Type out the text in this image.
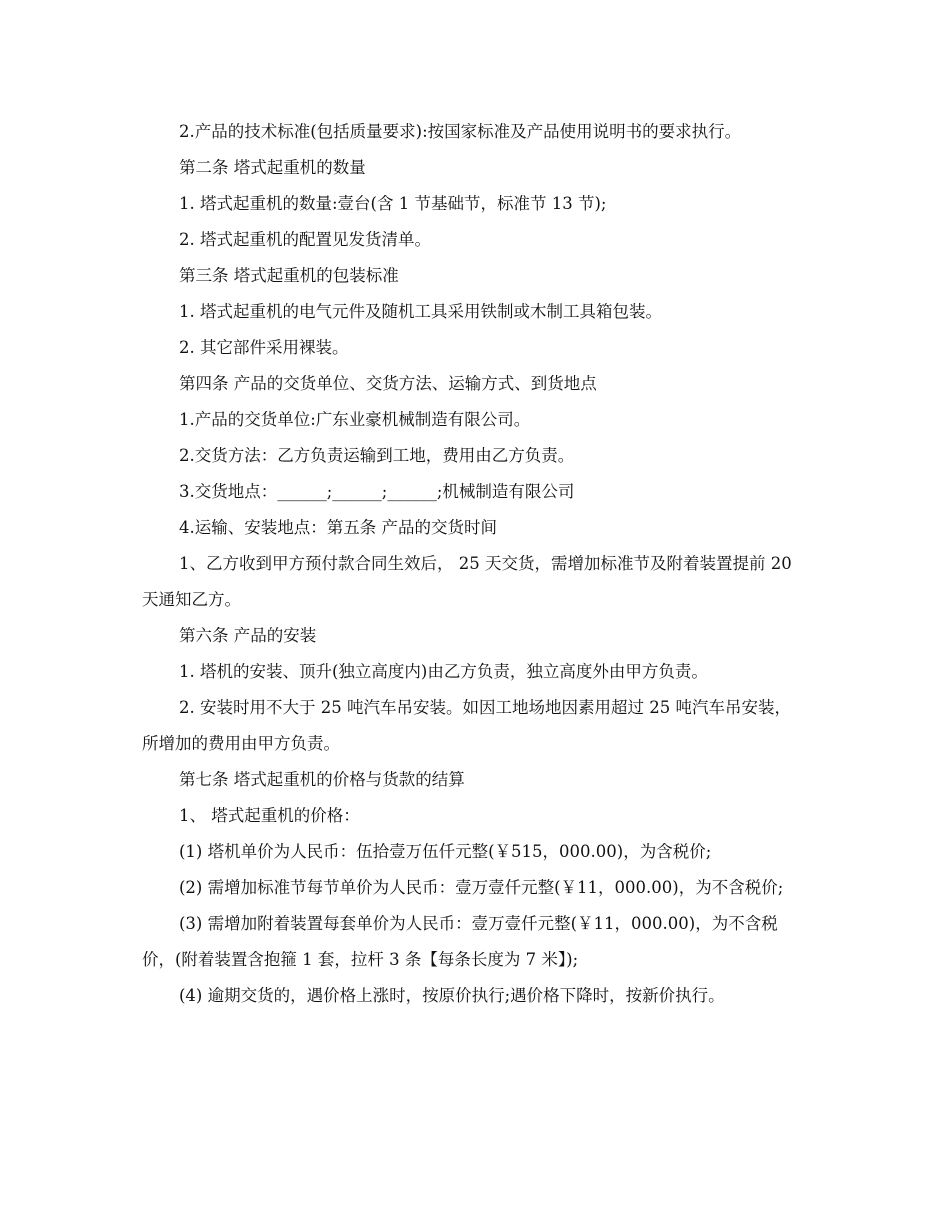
2.产品的技术标准(包括质量要求):按国家标准及产品使用说明书的要求执行。

第二条 塔式起重机的数量

1. 塔式起重机的数量:壹台(含 1 节基础节，标准节 13 节);

2. 塔式起重机的配置见发货清单。

第三条 塔式起重机的包装标准

1. 塔式起重机的电气元件及随机工具采用铁制或木制工具箱包装。

2. 其它部件采用裸装。

第四条 产品的交货单位、交货方法、运输方式、到货地点

1.产品的交货单位:广东业豪机械制造有限公司。

2.交货方法：乙方负责运输到工地，费用由乙方负责。

3.交货地点：______;______;______;机械制造有限公司

4.运输、安装地点：第五条 产品的交货时间

1、乙方收到甲方预付款合同生效后， 25 天交货，需增加标准节及附着装置提前 20 天通知乙方。

第六条 产品的安装

1. 塔机的安装、顶升(独立高度内)由乙方负责，独立高度外由甲方负责。

2. 安装时用不大于 25 吨汽车吊安装。如因工地场地因素用超过 25 吨汽车吊安装，所增加的费用由甲方负责。

第七条 塔式起重机的价格与货款的结算

1、 塔式起重机的价格：

(1) 塔机单价为人民币：伍拾壹万伍仟元整(￥515，000.00)，为含税价;

(2) 需增加标准节每节单价为人民币：壹万壹仟元整(￥11，000.00)，为不含税价;

(3) 需增加附着装置每套单价为人民币：壹万壹仟元整(￥11，000.00)，为不含税价，(附着装置含抱箍 1 套，拉杆 3 条【每条长度为 7 米】);

(4) 逾期交货的，遇价格上涨时，按原价执行;遇价格下降时，按新价执行。
